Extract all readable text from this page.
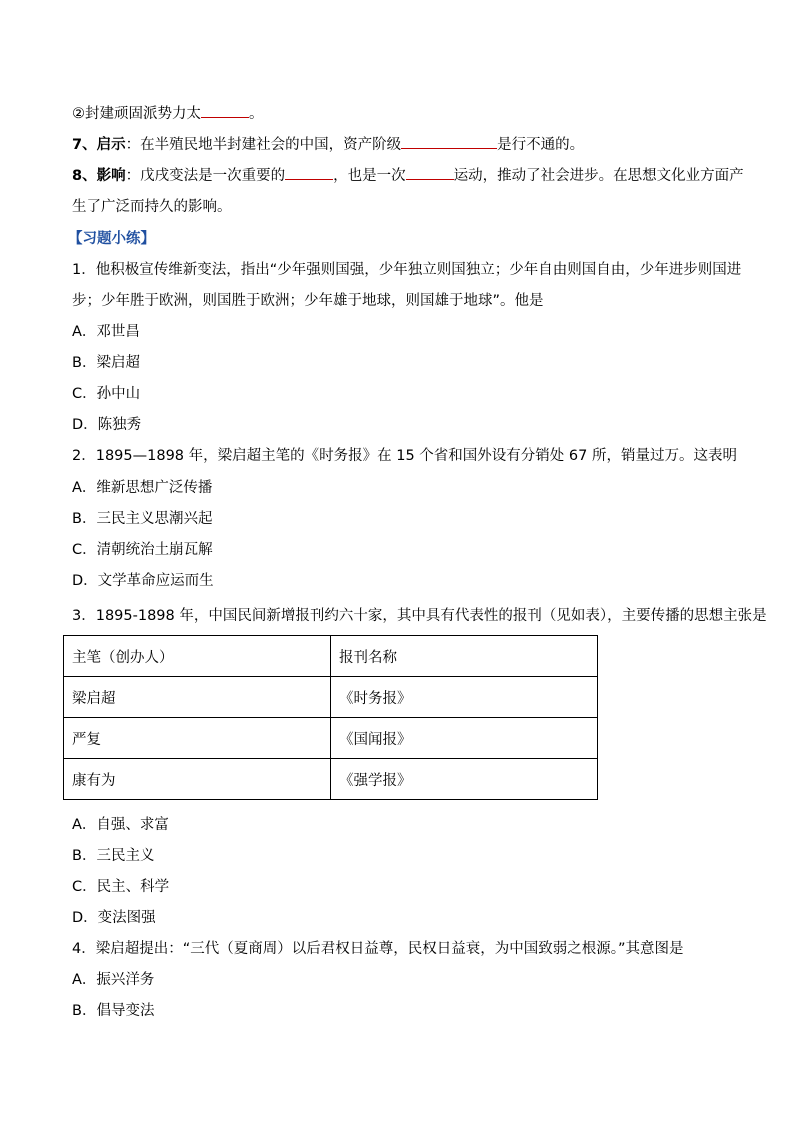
②封建顽固派势力太	。
7、启示：在半殖民地半封建社会的中国，资产阶级	是行不通的。
8、影响：戊戌变法是一次重要的	，也是一次	运动，推动了社会进步。在思想文化业方面产
生了广泛而持久的影响。
【习题小练】
1．他积极宣传维新变法，指出“少年强则国强，少年独立则国独立；少年自由则国自由，少年进步则国进
步；少年胜于欧洲，则国胜于欧洲；少年雄于地球，则国雄于地球”。他是
A．邓世昌
B．梁启超
C．孙中山
D．陈独秀
2．1895—1898 年，梁启超主笔的《时务报》在 15 个省和国外设有分销处 67 所，销量过万。这表明
A．维新思想广泛传播
B．三民主义思潮兴起
C．清朝统治土崩瓦解
D．文学革命应运而生
3．1895-1898 年，中国民间新增报刊约六十家，其中具有代表性的报刊（见如表），主要传播的思想主张是
主笔（创办人）	报刊名称
梁启超	《时务报》
严复	《国闻报》
康有为	《强学报》
A．自强、求富
B．三民主义
C．民主、科学
D．变法图强
4．梁启超提出：“三代（夏商周）以后君权日益尊，民权日益衰，为中国致弱之根源。”其意图是
A．振兴洋务
B．倡导变法
